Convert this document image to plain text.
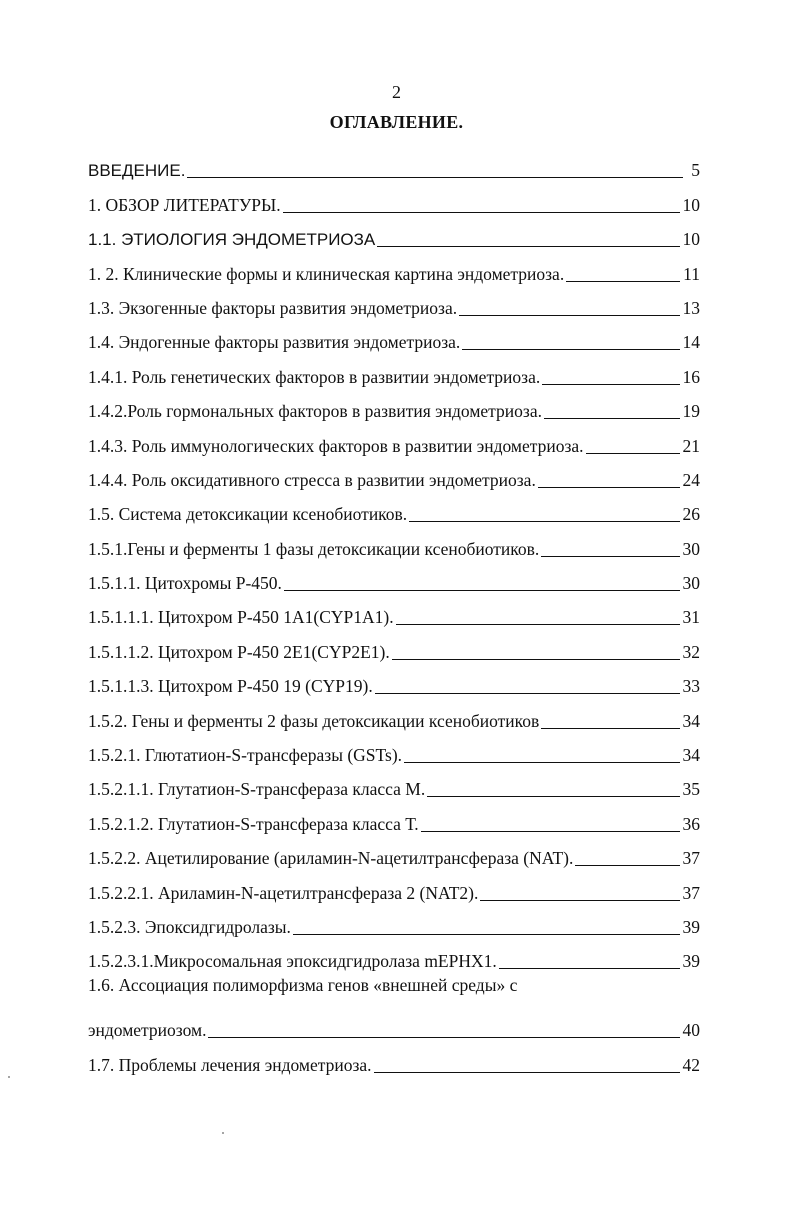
2
ОГЛАВЛЕНИЕ.
ВВЕДЕНИЕ.	5
1. ОБЗОР ЛИТЕРАТУРЫ.	10
1.1. ЭТИОЛОГИЯ ЭНДОМЕТРИОЗА	10
1. 2. Клинические формы и клиническая картина эндометриоза.	11
1.3. Экзогенные факторы развития эндометриоза.	13
1.4. Эндогенные факторы развития эндометриоза.	14
1.4.1. Роль генетических факторов в развитии эндометриоза.	16
1.4.2.Роль гормональных факторов в развития эндометриоза.	19
1.4.3. Роль иммунологических факторов в развитии эндометриоза.	21
1.4.4. Роль оксидативного стресса в развитии эндометриоза.	24
1.5. Система детоксикации ксенобиотиков.	26
1.5.1.Гены и ферменты 1 фазы детоксикации ксенобиотиков.	30
1.5.1.1. Цитохромы Р-450.	30
1.5.1.1.1. Цитохром Р-450 1А1(CYP1A1).	31
1.5.1.1.2. Цитохром Р-450 2Е1(CYP2E1).	32
1.5.1.1.3. Цитохром Р-450 19 (CYP19).	33
1.5.2. Гены и ферменты 2 фазы детоксикации ксенобиотиков	34
1.5.2.1. Глютатион-S-трансферазы (GSTs).	34
1.5.2.1.1. Глутатион-S-трансфераза класса М.	35
1.5.2.1.2. Глутатион-S-трансфераза класса Т.	36
1.5.2.2. Ацетилирование (ариламин-N-ацетилтрансфераза (NAT).	37
1.5.2.2.1. Ариламин-N-ацетилтрансфераза 2 (NAT2).	37
1.5.2.3. Эпоксидгидролазы.	39
1.5.2.3.1.Микросомальная эпоксидгидролаза mEPHX1.	39
1.6. Ассоциация полиморфизма генов «внешней среды» с
эндометриозом.	40
1.7. Проблемы лечения эндометриоза.	42
